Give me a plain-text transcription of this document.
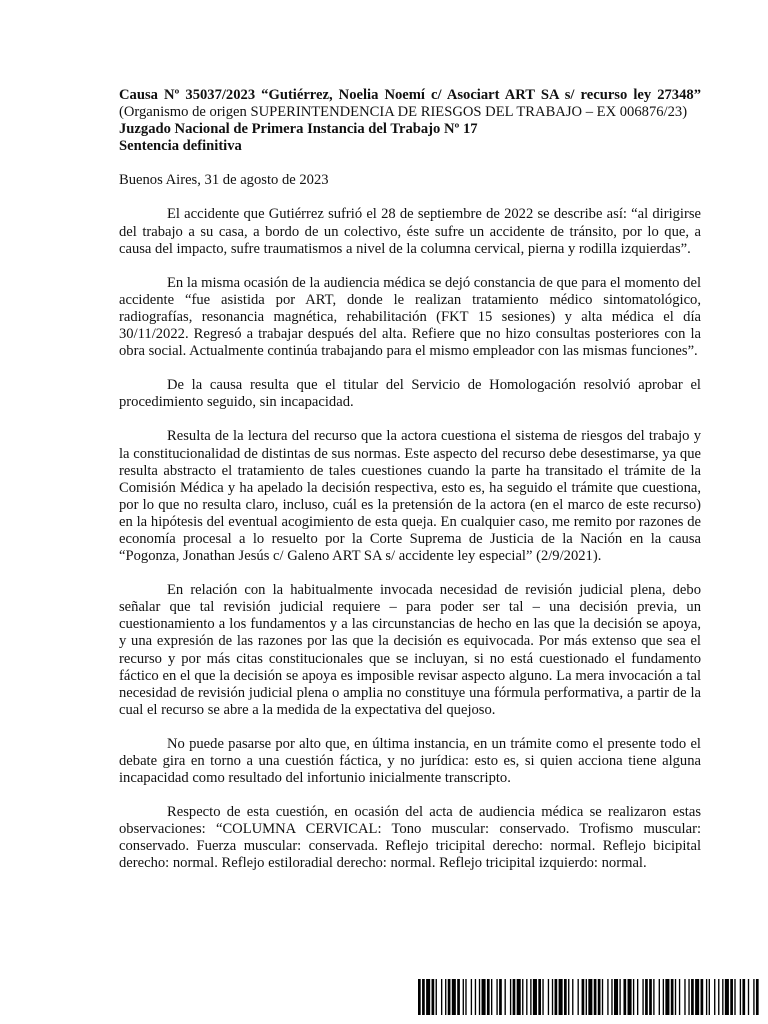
Causa Nº 35037/2023 “Gutiérrez, Noelia Noemí c/ Asociart ART SA s/ recurso ley 27348” (Organismo de origen SUPERINTENDENCIA DE RIESGOS DEL TRABAJO – EX 006876/23)
Juzgado Nacional de Primera Instancia del Trabajo Nº 17
Sentencia definitiva
Buenos Aires, 31 de agosto de 2023

El accidente que Gutiérrez sufrió el 28 de septiembre de 2022 se describe así: “al dirigirse del trabajo a su casa, a bordo de un colectivo, éste sufre un accidente de tránsito, por lo que, a causa del impacto, sufre traumatismos a nivel de la columna cervical, pierna y rodilla izquierdas”.

En la misma ocasión de la audiencia médica se dejó constancia de que para el momento del accidente “fue asistida por ART, donde le realizan tratamiento médico sintomatológico, radiografías, resonancia magnética, rehabilitación (FKT 15 sesiones) y alta médica el día 30/11/2022. Regresó a trabajar después del alta. Refiere que no hizo consultas posteriores con la obra social. Actualmente continúa trabajando para el mismo empleador con las mismas funciones”.

De la causa resulta que el titular del Servicio de Homologación resolvió aprobar el procedimiento seguido, sin incapacidad.

Resulta de la lectura del recurso que la actora cuestiona el sistema de riesgos del trabajo y la constitucionalidad de distintas de sus normas. Este aspecto del recurso debe desestimarse, ya que resulta abstracto el tratamiento de tales cuestiones cuando la parte ha transitado el trámite de la Comisión Médica y ha apelado la decisión respectiva, esto es, ha seguido el trámite que cuestiona, por lo que no resulta claro, incluso, cuál es la pretensión de la actora (en el marco de este recurso) en la hipótesis del eventual acogimiento de esta queja. En cualquier caso, me remito por razones de economía procesal a lo resuelto por la Corte Suprema de Justicia de la Nación en la causa “Pogonza, Jonathan Jesús c/ Galeno ART SA s/ accidente ley especial” (2/9/2021).

En relación con la habitualmente invocada necesidad de revisión judicial plena, debo señalar que tal revisión judicial requiere – para poder ser tal – una decisión previa, un cuestionamiento a los fundamentos y a las circunstancias de hecho en las que la decisión se apoya, y una expresión de las razones por las que la decisión es equivocada. Por más extenso que sea el recurso y por más citas constitucionales que se incluyan, si no está cuestionado el fundamento fáctico en el que la decisión se apoya es imposible revisar aspecto alguno. La mera invocación a tal necesidad de revisión judicial plena o amplia no constituye una fórmula performativa, a partir de la cual el recurso se abre a la medida de la expectativa del quejoso.

No puede pasarse por alto que, en última instancia, en un trámite como el presente todo el debate gira en torno a una cuestión fáctica, y no jurídica: esto es, si quien acciona tiene alguna incapacidad como resultado del infortunio inicialmente transcripto.

Respecto de esta cuestión, en ocasión del acta de audiencia médica se realizaron estas observaciones: “COLUMNA CERVICAL: Tono muscular: conservado. Trofismo muscular: conservado. Fuerza muscular: conservada. Reflejo tricipital derecho: normal. Reflejo bicipital derecho: normal. Reflejo estiloradial derecho: normal. Reflejo tricipital izquierdo: normal.
